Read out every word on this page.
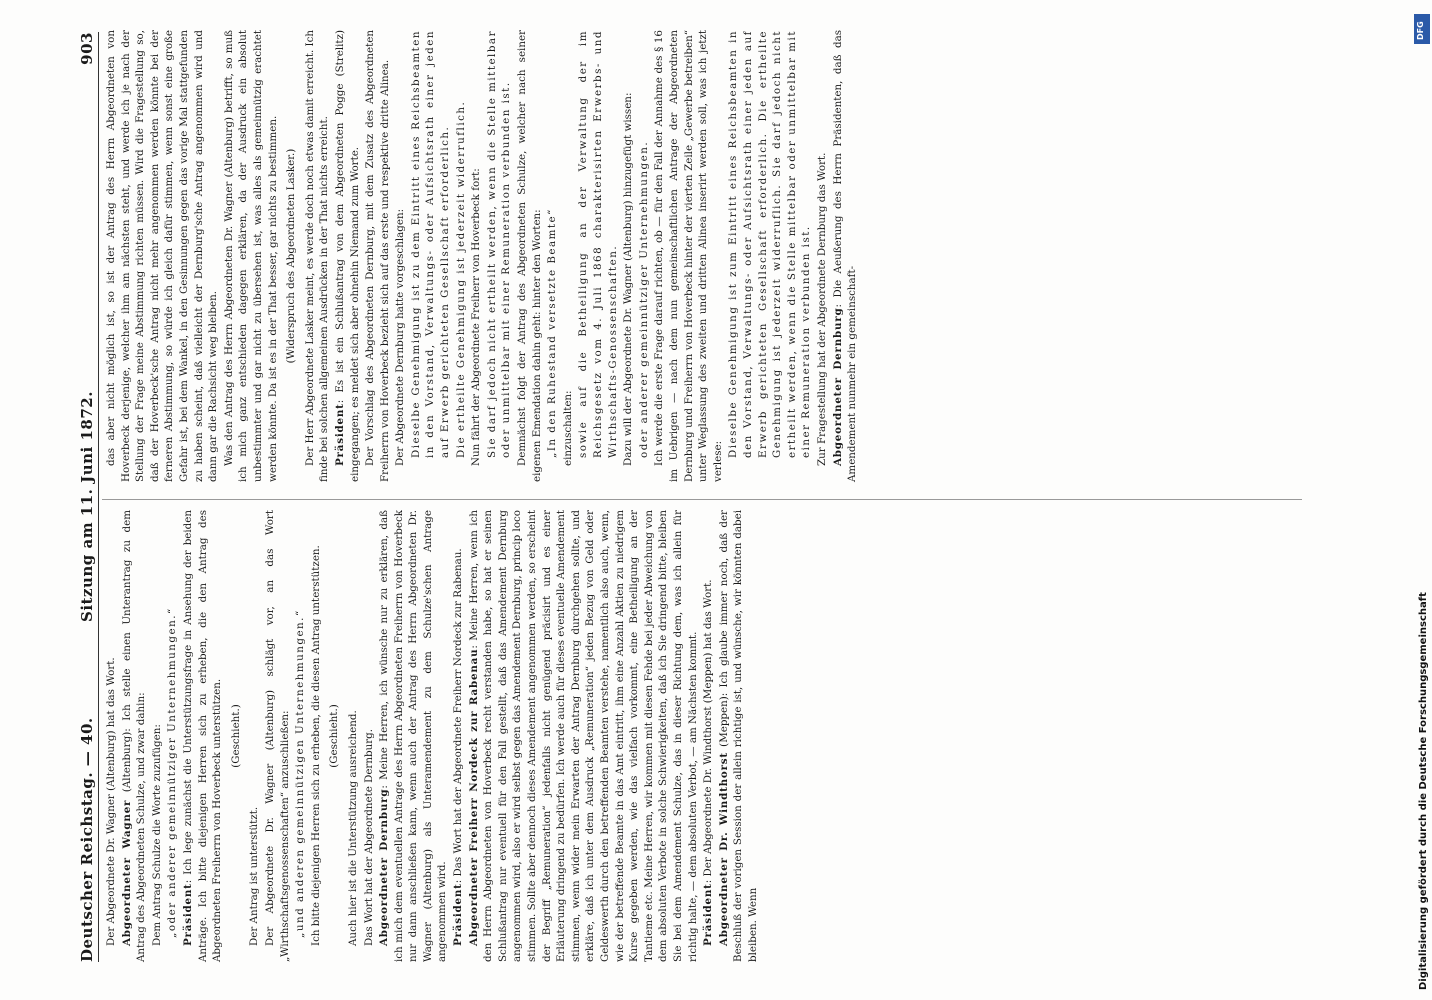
Deutscher Reichstag. — 40.
Sitzung am 11. Juni 1872.
903

Der Abgeordnete Dr. Wagner (Altenburg) hat das Wort. Abgeordneter Wagner (Altenburg): Ich stelle einen Unterantrag zu dem Antrag des Abgeordneten Schulze, und zwar dahin: Dem Antrag Schulze die Worte zuzufügen: „oder anderer gemeinnütziger Unternehmungen.“ Präsident: Ich lege zunächst die Unterstützungsfrage in Ansehung der beiden Anträge. Ich bitte diejenigen Herren sich zu erheben, die den Antrag des Abgeordneten Freiherrn von Hoverbeck unterstützen. (Geschieht.)

Der Antrag ist unterstützt. Der Abgeordnete Dr. Wagner (Altenburg) schlägt vor, an das Wort „Wirthschaftsgenossenschaften“ anzuschließen: „und anderen gemeinnützigen Unternehmungen.“ Ich bitte diejenigen Herren sich zu erheben, die diesen Antrag unterstützen. (Geschieht.) Auch hier ist die Unterstützung ausreichend. Das Wort hat der Abgeordnete Dernburg. Abgeordneter Dernburg: Meine Herren, ich wünsche nur zu erklären, daß ich mich dem eventuellen Antrage des Herrn Abgeordneten Freiherrn von Hoverbeck nur dann anschließen kann, wenn auch der Antrag des Herrn Abgeordneten Dr. Wagner (Altenburg) als Unteramendement zu dem Schulze'schen Antrage angenommen wird. Präsident: Das Wort hat der Abgeordnete Freiherr Nordeck zur Rabenau. Abgeordneter Freiherr Nordeck zur Rabenau: Meine Herren, wenn ich den Herrn Abgeordneten von Hoverbeck recht verstanden habe, so hat er seinen Schlußantrag nur eventuell für den Fall gestellt, daß das Amendement Dernburg angenommen wird, also er wird selbst gegen das Amendement Dernburg, princip loco stimmen. Sollte aber dennoch dieses Amendement angenommen werden, so erscheint der Begriff „Remuneration“ jedenfalls nicht genügend präcisirt und es einer Erläuterung dringend zu bedürfen. Ich werde auch für dieses eventuelle Amendement stimmen, wenn wider mein Erwarten der Antrag Dernburg durchgehen sollte, und erkläre, daß ich unter dem Ausdruck „Remuneration“ jeden Bezug von Geld oder Geldeswerth durch den betreffenden Beamten verstehe, namentlich also auch, wenn, wie der betreffende Beamte in das Amt eintritt, ihm eine Anzahl Aktien zu niedrigem Kurse gegeben werden, wie das vielfach vorkommt, eine Betheiligung an der Tantieme etc. Meine Herren, wir kommen mit diesen Fehde bei jeder Abweichung von dem absoluten Verbote in solche Schwierigkeiten, daß ich Sie dringend bitte, bleiben Sie bei dem Amendement Schulze, das in dieser Richtung dem, was ich allein für richtig halte, — dem absoluten Verbot, — am Nächsten kommt. Präsident: Der Abgeordnete Dr. Windthorst (Meppen) hat das Wort. Abgeordneter Dr. Windthorst (Meppen): Ich glaube immer noch, daß der Beschluß der vorigen Session der allein richtige ist, und wünsche, wir könnten dabei bleiben. Wenn

das aber nicht möglich ist, so ist der Antrag des Herrn Abgeordneten von Hoverbeck derjenige, welcher ihm am nächsten steht, und werde ich je nach der Stellung der Frage meine Abstimmung richten müssen. Wird die Fragestellung so, daß der Hoverbeck'sche Antrag nicht mehr angenommen werden könnte bei der ferneren Abstimmung, so würde ich gleich dafür stimmen, wenn sonst eine große Gefahr ist, bei dem Wankel, in den Gesinnungen gegen das vorige Mal stattgefunden zu haben scheint, daß vielleicht der Dernburg'sche Antrag angenommen wird und dann gar die Rachsicht weg bleiben. Was den Antrag des Herrn Abgeordneten Dr. Wagner (Altenburg) betrifft, so muß ich mich ganz entschieden dagegen erklären, da der Ausdruck ein absolut unbestimmter und gar nicht zu übersehen ist, was alles als gemeinnützig erachtet werden könnte. Da ist es in der That besser, gar nichts zu bestimmen. (Widerspruch des Abgeordneten Lasker.) Der Herr Abgeordnete Lasker meint, es werde doch noch etwas damit erreicht. Ich finde bei solchen allgemeinen Ausdrücken in der That nichts erreicht. Präsident: Es ist ein Schlußantrag von dem Abgeordneten Pogge (Strelitz) eingegangen; es meldet sich aber ohnehin Niemand zum Worte. Der Vorschlag des Abgeordneten Dernburg, mit dem Zusatz des Abgeordneten Freiherrn von Hoverbeck bezieht sich auf das erste und respektive dritte Alinea. Der Abgeordnete Dernburg hatte vorgeschlagen: Dieselbe Genehmigung ist zu dem Eintritt eines Reichsbeamten in den Vorstand, Verwaltungs- oder Aufsichtsrath einer jeden auf Erwerb gerichteten Gesellschaft erforderlich. Die ertheilte Genehmigung ist jederzeit widerruflich. Nun fährt der Abgeordnete Freiherr von Hoverbeck fort: Sie darf jedoch nicht ertheilt werden, wenn die Stelle mittelbar oder unmittelbar mit einer Remuneration verbunden ist. Demnächst folgt der Antrag des Abgeordneten Schulze, welcher nach seiner eigenen Emendation dahin geht: hinter den Worten: „In den Ruhestand versetzte Beamte“ einzuschalten: sowie auf die Betheiligung an der Verwaltung der im Reichsgesetz vom 4. Juli 1868 charakterisirten Erwerbs- und Wirthschafts-Genossenschaften. Dazu will der Abgeordnete Dr. Wagner (Altenburg) hinzugefügt wissen: oder anderer gemeinnütziger Unternehmungen. Ich werde die erste Frage darauf richten, ob — für den Fall der Annahme des § 16 im Uebrigen — nach dem nun gemeinschaftlichen Antrage der Abgeordneten Dernburg und Freiherrn von Hoverbeck hinter der vierten Zeile „Gewerbe betreiben“ unter Weglassung des zweiten und dritten Alinea inserirt werden soll, was ich jetzt verlese:

Dieselbe Genehmigung ist zum Eintritt eines Reichsbeamten in den Vorstand, Verwaltungs- oder Aufsichtsrath einer jeden auf Erwerb gerichteten Gesellschaft erforderlich. Die ertheilte Genehmigung ist jederzeit widerruflich. Sie darf jedoch nicht ertheilt werden, wenn die Stelle mittelbar oder unmittelbar mit einer Remuneration verbunden ist. Zur Fragestellung hat der Abgeordnete Dernburg das Wort. Abgeordneter Dernburg: Die Aeußerung des Herrn Präsidenten, daß das Amendement nunmehr ein gemeinschaft-

Digitalisierung gefördert durch die Deutsche Forschungsgemeinschaft
DFG
